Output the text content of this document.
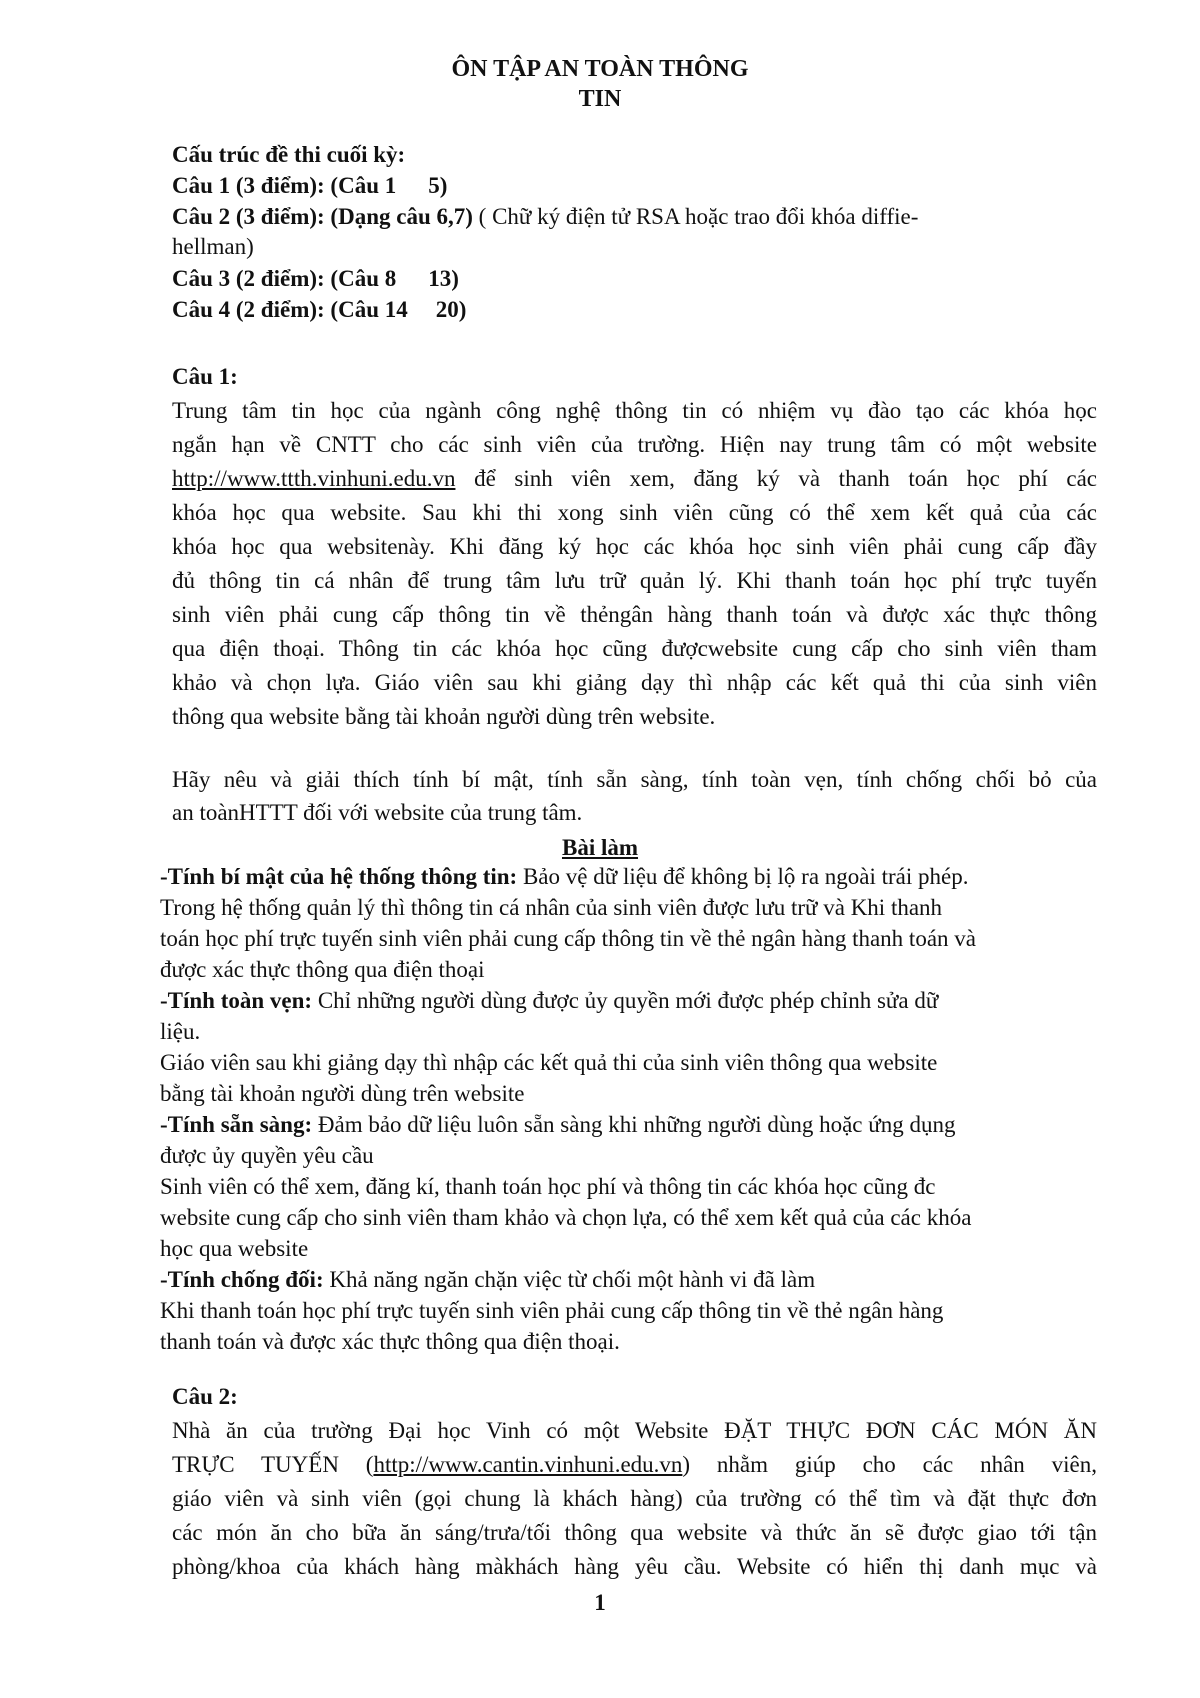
ÔN TẬP AN TOÀN THÔNG
TIN
Cấu trúc đề thi cuối kỳ:
Câu 1 (3 điểm): (Câu 1 5)
Câu 2 (3 điểm): (Dạng câu 6,7) ( Chữ ký điện tử RSA hoặc trao đổi khóa diffie-
hellman)
Câu 3 (2 điểm): (Câu 8 13)
Câu 4 (2 điểm): (Câu 14 20)
Câu 1:
Trung tâm tin học của ngành công nghệ thông tin có nhiệm vụ đào tạo các khóa học
ngắn hạn về CNTT cho các sinh viên của trường. Hiện nay trung tâm có một website
http://www.ttth.vinhuni.edu.vn để sinh viên xem, đăng ký và thanh toán học phí các
khóa học qua website. Sau khi thi xong sinh viên cũng có thể xem kết quả của các
khóa học qua websitenày. Khi đăng ký học các khóa học sinh viên phải cung cấp đầy
đủ thông tin cá nhân để trung tâm lưu trữ quản lý. Khi thanh toán học phí trực tuyến
sinh viên phải cung cấp thông tin về thẻngân hàng thanh toán và được xác thực thông
qua điện thoại. Thông tin các khóa học cũng đượcwebsite cung cấp cho sinh viên tham
khảo và chọn lựa. Giáo viên sau khi giảng dạy thì nhập các kết quả thi của sinh viên
thông qua website bằng tài khoản người dùng trên website.
Hãy nêu và giải thích tính bí mật, tính sẵn sàng, tính toàn vẹn, tính chống chối bỏ của
an toànHTTT đối với website của trung tâm.
Bài làm
-Tính bí mật của hệ thống thông tin: Bảo vệ dữ liệu để không bị lộ ra ngoài trái phép.
Trong hệ thống quản lý thì thông tin cá nhân của sinh viên được lưu trữ và Khi thanh
toán học phí trực tuyến sinh viên phải cung cấp thông tin về thẻ ngân hàng thanh toán và
được xác thực thông qua điện thoại
-Tính toàn vẹn: Chỉ những người dùng được ủy quyền mới được phép chỉnh sửa dữ
liệu.
Giáo viên sau khi giảng dạy thì nhập các kết quả thi của sinh viên thông qua website
bằng tài khoản người dùng trên website
-Tính sẵn sàng: Đảm bảo dữ liệu luôn sẵn sàng khi những người dùng hoặc ứng dụng
được ủy quyền yêu cầu
Sinh viên có thể xem, đăng kí, thanh toán học phí và thông tin các khóa học cũng đc
website cung cấp cho sinh viên tham khảo và chọn lựa, có thể xem kết quả của các khóa
học qua website
-Tính chống đối: Khả năng ngăn chặn việc từ chối một hành vi đã làm
Khi thanh toán học phí trực tuyến sinh viên phải cung cấp thông tin về thẻ ngân hàng
thanh toán và được xác thực thông qua điện thoại.
Câu 2:
Nhà ăn của trường Đại học Vinh có một Website ĐẶT THỰC ĐƠN CÁC MÓN ĂN
TRỰC TUYẾN (http://www.cantin.vinhuni.edu.vn) nhằm giúp cho các nhân viên,
giáo viên và sinh viên (gọi chung là khách hàng) của trường có thể tìm và đặt thực đơn
các món ăn cho bữa ăn sáng/trưa/tối thông qua website và thức ăn sẽ được giao tới tận
phòng/khoa của khách hàng màkhách hàng yêu cầu. Website có hiển thị danh mục và
1
